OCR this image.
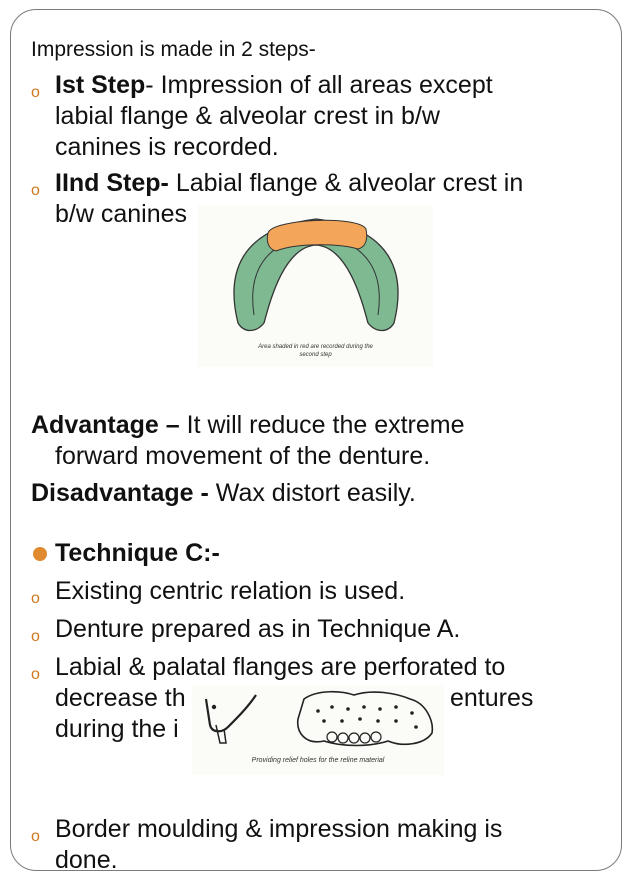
Impression is made in 2 steps-
o Ist Step- Impression of all areas except
labial flange & alveolar crest in b/w
canines is recorded.
o IInd Step- Labial flange & alveolar crest in
b/w canines
Area shaded in red are recorded during the
second step
Advantage – It will reduce the extreme
forward movement of the denture.
Disadvantage - Wax distort easily.
Technique C:-
o Existing centric relation is used.
o Denture prepared as in Technique A.
o Labial & palatal flanges are perforated to
decrease th	entures
during the i
Providing relief holes for the reline material
o Border moulding & impression making is
done.
